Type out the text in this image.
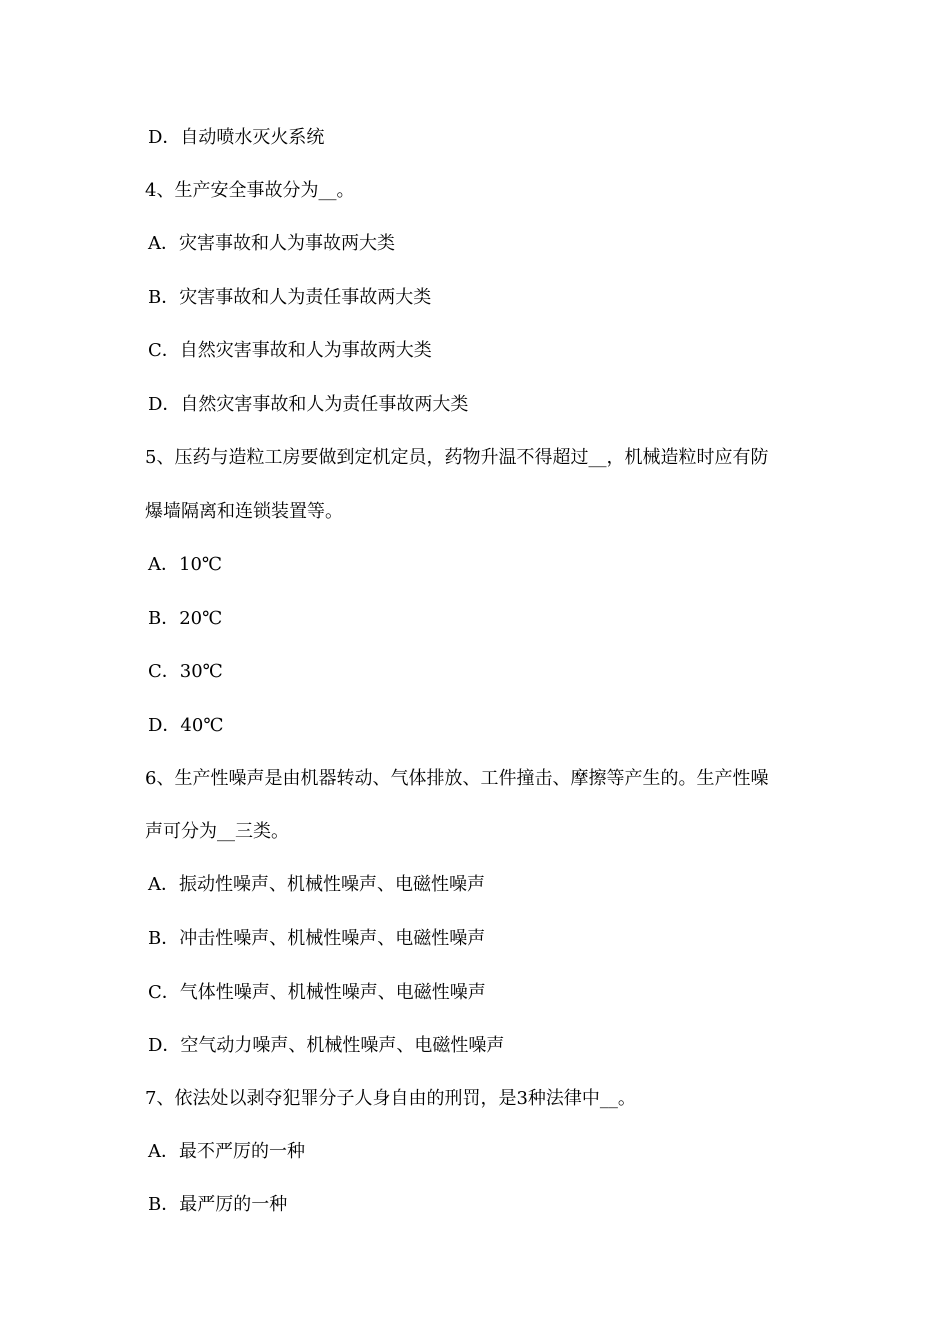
D．自动喷水灭火系统
4、生产安全事故分为__。
A．灾害事故和人为事故两大类
B．灾害事故和人为责任事故两大类
C．自然灾害事故和人为事故两大类
D．自然灾害事故和人为责任事故两大类
5、压药与造粒工房要做到定机定员，药物升温不得超过__，机械造粒时应有防
爆墙隔离和连锁装置等。
A．10℃
B．20℃
C．30℃
D．40℃
6、生产性噪声是由机器转动、气体排放、工件撞击、摩擦等产生的。生产性噪
声可分为__三类。
A．振动性噪声、机械性噪声、电磁性噪声
B．冲击性噪声、机械性噪声、电磁性噪声
C．气体性噪声、机械性噪声、电磁性噪声
D．空气动力噪声、机械性噪声、电磁性噪声
7、依法处以剥夺犯罪分子人身自由的刑罚，是3种法律中__。
A．最不严厉的一种
B．最严厉的一种
